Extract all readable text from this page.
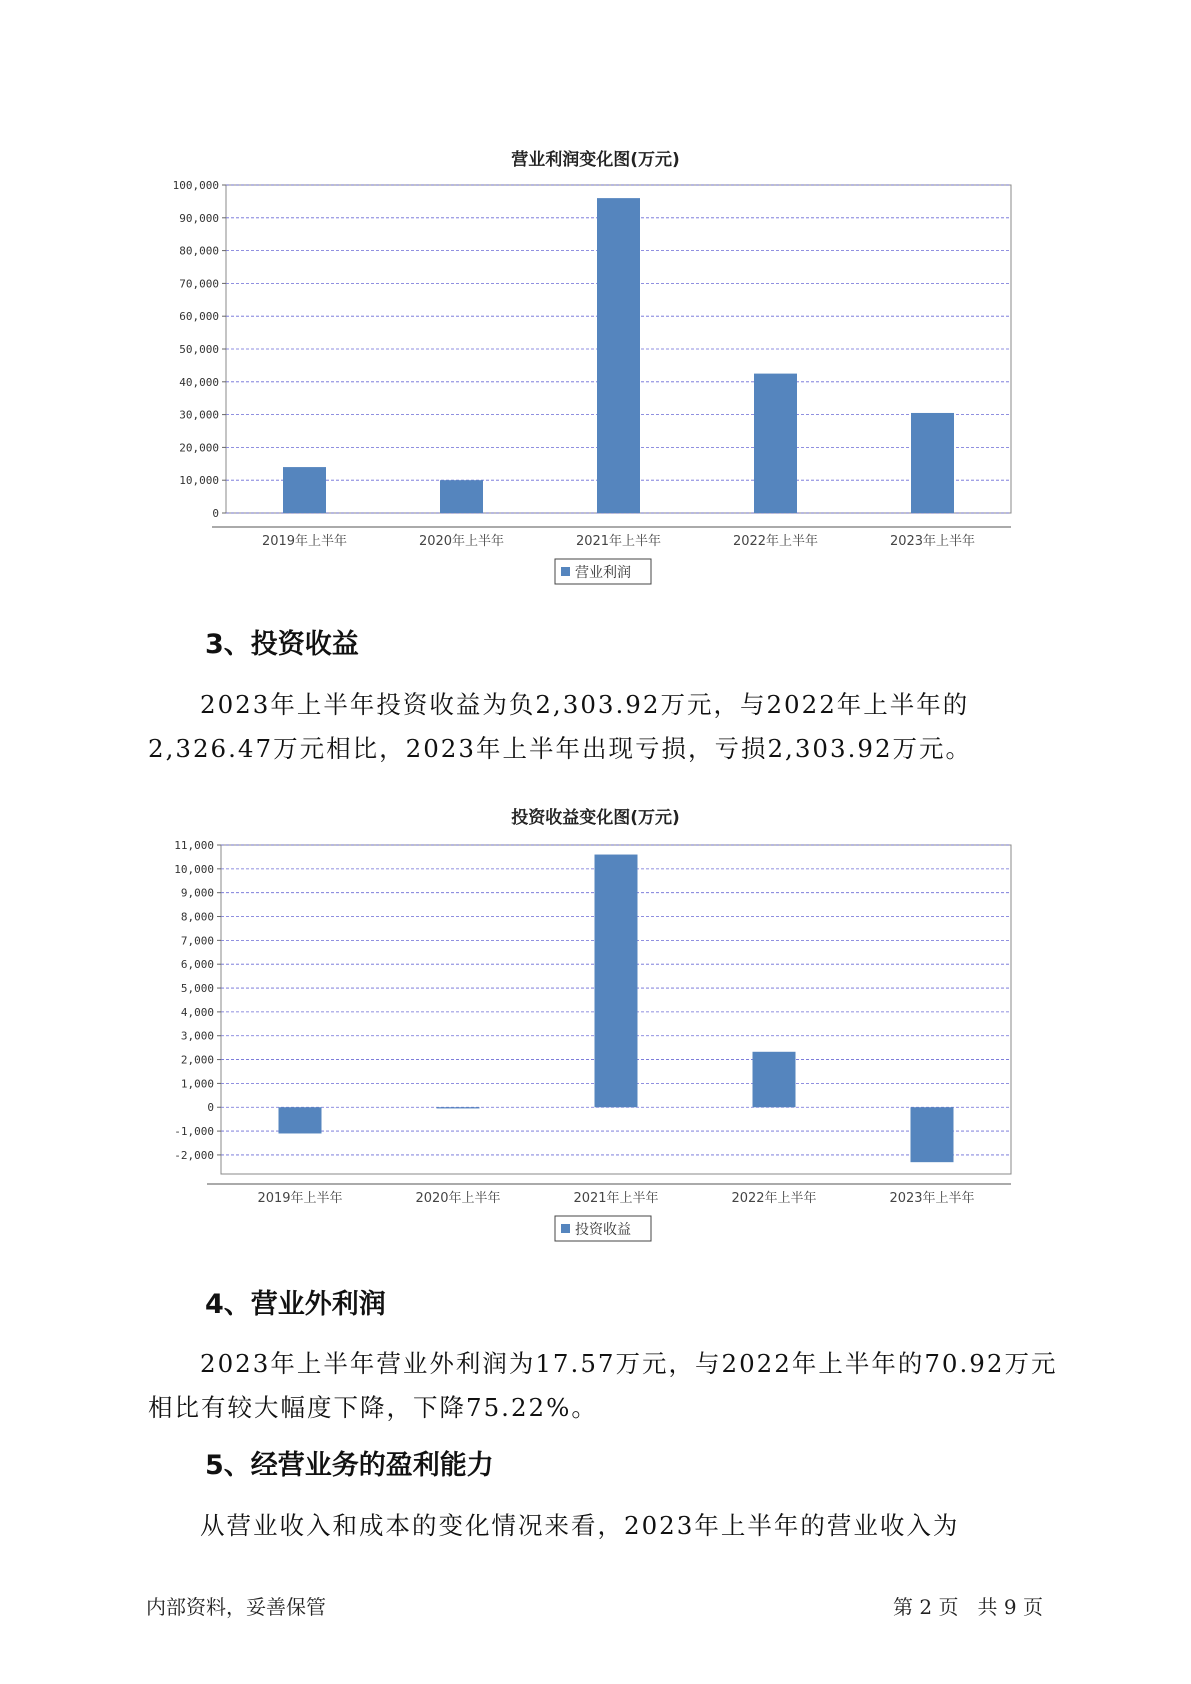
营业利润变化图(万元)
0
10,000
20,000
30,000
40,000
50,000
60,000
70,000
80,000
90,000
100,000
2019年上半年	2020年上半年	2021年上半年	2022年上半年	2023年上半年
营业利润
3、投资收益
2023年上半年投资收益为负2,303.92万元，与2022年上半年的2,326.47万元相比，2023年上半年出现亏损，亏损2,303.92万元。
投资收益变化图(万元)
-2,000
-1,000
0
1,000
2,000
3,000
4,000
5,000
6,000
7,000
8,000
9,000
10,000
11,000
2019年上半年	2020年上半年	2021年上半年	2022年上半年	2023年上半年
投资收益
4、营业外利润
2023年上半年营业外利润为17.57万元，与2022年上半年的70.92万元相比有较大幅度下降，下降75.22%。
5、经营业务的盈利能力
从营业收入和成本的变化情况来看，2023年上半年的营业收入为
内部资料，妥善保管	第 2 页   共 9 页
